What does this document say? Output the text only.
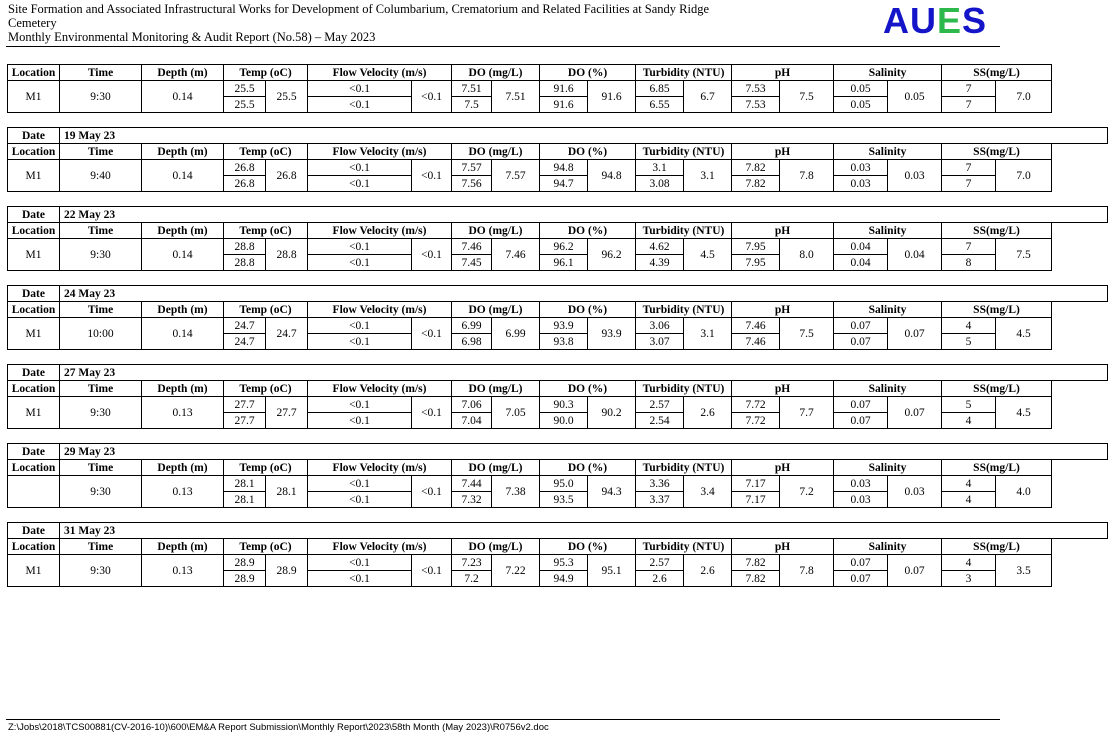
Site Formation and Associated Infrastructural Works for Development of Columbarium, Crematorium and Related Facilities at Sandy Ridge
Cemetery
Monthly Environmental Monitoring & Audit Report (No.58) – May 2023	AUES
Location	Time	Depth (m)	Temp (oC)		Flow Velocity (m/s)		DO (mg/L)		DO (%)		Turbidity (NTU)		pH		Salinity		SS(mg/L)	
M1	9:30	0.14	25.5	25.5	<0.1	<0.1	7.51	7.51	91.6	91.6	6.85	6.7	7.53	7.5	0.05	0.05	7	7.0
			25.5		<0.1		7.5		91.6		6.55		7.53		0.05		7	
Date	19 May 23																	
Location	Time	Depth (m)	Temp (oC)		Flow Velocity (m/s)		DO (mg/L)		DO (%)		Turbidity (NTU)		pH		Salinity		SS(mg/L)	
M1	9:40	0.14	26.8	26.8	<0.1	<0.1	7.57	7.57	94.8	94.8	3.1	3.1	7.82	7.8	0.03	0.03	7	7.0
			26.8		<0.1		7.56		94.7		3.08		7.82		0.03		7	
Date	22 May 23																	
Location	Time	Depth (m)	Temp (oC)		Flow Velocity (m/s)		DO (mg/L)		DO (%)		Turbidity (NTU)		pH		Salinity		SS(mg/L)	
M1	9:30	0.14	28.8	28.8	<0.1	<0.1	7.46	7.46	96.2	96.2	4.62	4.5	7.95	8.0	0.04	0.04	7	7.5
			28.8		<0.1		7.45		96.1		4.39		7.95		0.04		8	
Date	24 May 23																	
Location	Time	Depth (m)	Temp (oC)		Flow Velocity (m/s)		DO (mg/L)		DO (%)		Turbidity (NTU)		pH		Salinity		SS(mg/L)	
M1	10:00	0.14	24.7	24.7	<0.1	<0.1	6.99	6.99	93.9	93.9	3.06	3.1	7.46	7.5	0.07	0.07	4	4.5
			24.7		<0.1		6.98		93.8		3.07		7.46		0.07		5	
Date	27 May 23																	
Location	Time	Depth (m)	Temp (oC)		Flow Velocity (m/s)		DO (mg/L)		DO (%)		Turbidity (NTU)		pH		Salinity		SS(mg/L)	
M1	9:30	0.13	27.7	27.7	<0.1	<0.1	7.06	7.05	90.3	90.2	2.57	2.6	7.72	7.7	0.07	0.07	5	4.5
			27.7		<0.1		7.04		90.0		2.54		7.72		0.07		4	
Date	29 May 23																	
Location	Time	Depth (m)	Temp (oC)		Flow Velocity (m/s)		DO (mg/L)		DO (%)		Turbidity (NTU)		pH		Salinity		SS(mg/L)	
	9:30	0.13	28.1	28.1	<0.1	<0.1	7.44	7.38	95.0	94.3	3.36	3.4	7.17	7.2	0.03	0.03	4	4.0
			28.1		<0.1		7.32		93.5		3.37		7.17		0.03		4	
Date	31 May 23																	
Location	Time	Depth (m)	Temp (oC)		Flow Velocity (m/s)		DO (mg/L)		DO (%)		Turbidity (NTU)		pH		Salinity		SS(mg/L)	
M1	9:30	0.13	28.9	28.9	<0.1	<0.1	7.23	7.22	95.3	95.1	2.57	2.6	7.82	7.8	0.07	0.07	4	3.5
			28.9		<0.1		7.2		94.9		2.6		7.82		0.07		3	
Z:\Jobs\2018\TCS00881(CV-2016-10)\600\EM&A Report Submission\Monthly Report\2023\58th Month (May 2023)\R0756v2.doc
